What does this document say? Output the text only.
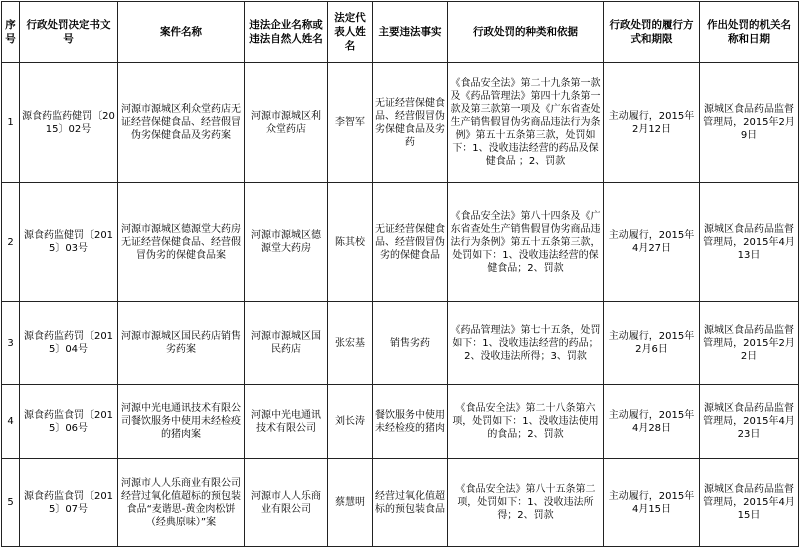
序号	行政处罚决定书文号	案件名称	违法企业名称或违法自然人姓名	法定代表人姓名	主要违法事实	行政处罚的种类和依据	行政处罚的履行方式和期限	作出处罚的机关名称和日期
1	源食药监药健罚〔2015〕02号	河源市源城区利众堂药店无证经营保健食品、经营假冒伪劣保健食品及劣药案	河源市源城区利众堂药店	李智军	无证经营保健食品、经营假冒伪劣保健食品及劣药	《食品安全法》第二十九条第一款及《药品管理法》第四十九条第一款及第三款第一项及《广东省查处生产销售假冒伪劣商品违法行为条例》第五十五条第三款，处罚如下：1、没收违法经营的药品及保健食品 ；2、罚款	主动履行，2015年2月12日	源城区食品药品监督管理局，2015年2月9日
2	源食药监健罚〔2015〕03号	河源市源城区德源堂大药房无证经营保健食品、经营假冒伪劣的保健食品案	河源市源城区德源堂大药房	陈其校	无证经营保健食品、经营假冒伪劣的保健食品	《食品安全法》第八十四条及《广东省查处生产销售假冒伪劣商品违法行为条例》第五十五条第三款，处罚如下：1、没收违法经营的保健食品；2、罚款	主动履行，2015年4月27日	源城区食品药品监督管理局，2015年4月13日
3	源食药监药罚〔2015〕04号	河源市源城区国民药店销售劣药案	河源市源城区国民药店	张宏基	销售劣药	《药品管理法》第七十五条，处罚如下：1、没收违法经营的药品；2、没收违法所得；3、罚款	主动履行，2015年2月6日	源城区食品药品监督管理局，2015年2月2日
4	源食药监食罚〔2015〕06号	河源中光电通讯技术有限公司餐饮服务中使用未经检疫的猪肉案	河源中光电通讯技术有限公司	刘长涛	餐饮服务中使用未经检疫的猪肉	《食品安全法》第二十八条第六项，处罚如下：1、没收违法使用的食品；2、罚款	主动履行，2015年4月28日	源城区食品药品监督管理局，2015年4月23日
5	源食药监食罚〔2015〕07号	河源市人人乐商业有限公司经营过氧化值超标的预包装食品“麦谐思-黄金肉松饼（经典原味）”案	河源市人人乐商业有限公司	蔡慧明	经营过氧化值超标的预包装食品	《食品安全法》第八十五条第二项，处罚如下：1、没收违法所得；2、罚款	主动履行，2015年4月15日	源城区食品药品监督管理局，2015年4月15日
